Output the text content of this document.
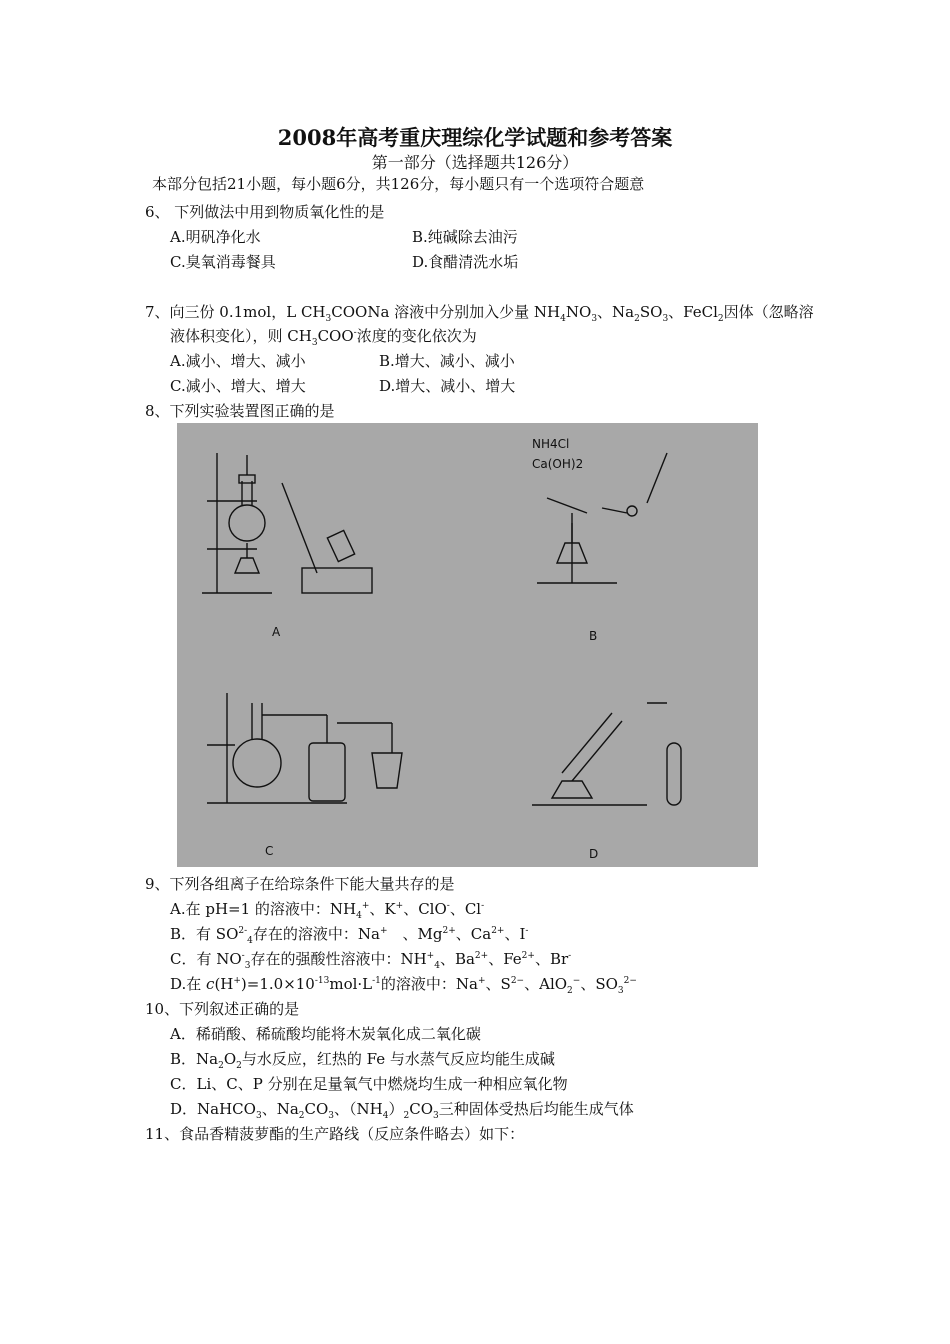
2008年高考重庆理综化学试题和参考答案
第一部分（选择题共126分）
本部分包括21小题，每小题6分，共126分，每小题只有一个选项符合题意
6、 下列做法中用到物质氧化性的是
A.明矾净化水	B.纯碱除去油污
C.臭氧消毒餐具	D.食醋清洗水垢
7、向三份 0.1mol，L $CH_3COONa$ 溶液中分别加入少量 $NH_4NO_3$、$Na_2SO_3$、FeCl$_2$因体（忽略溶
液体积变化），则 $CH_3COO^-$浓度的变化依次为
A.减小、增大、减小	B.增大、减小、减小
C.减小、增大、增大	D.增大、减小、增大
8、下列实验装置图正确的是
NH4Cl
Ca(OH)2
A	B
C	D
9、下列各组离子在给琮条件下能大量共存的是
A.在 pH=1 的溶液中：$NH_4^+$、K+、ClO-、Cl-
B．有 $SO^{2-}_4$存在的溶液中：Na+　、$Mg^{2+}$、$Ca^{2+}$、I-
C．有 $NO^-_3$存在的强酸性溶液中：$NH^+_4$、$Ba^{2+}$、$Fe^{2+}$、Br-
D.在 $c(H^+)=1.0\times 10^{-13}mol\cdot L^{-1}$的溶液中：Na+、$S^{2-}$、AlO$_2$−、$SO_3^{2-}$
10、下列叙述正确的是
A．稀硝酸、稀硫酸均能将木炭氧化成二氧化碳
B．$Na_2O_2$与水反应，红热的 Fe 与水蒸气反应均能生成碱
C．Li、C、P 分别在足量氧气中燃烧均生成一种相应氧化物
D．NaHCO$_3$、$Na_2CO_3$、$(NH_4)_2CO_3$三种固体受热后均能生成气体
11、食品香精菠萝酯的生产路线（反应条件略去）如下：
